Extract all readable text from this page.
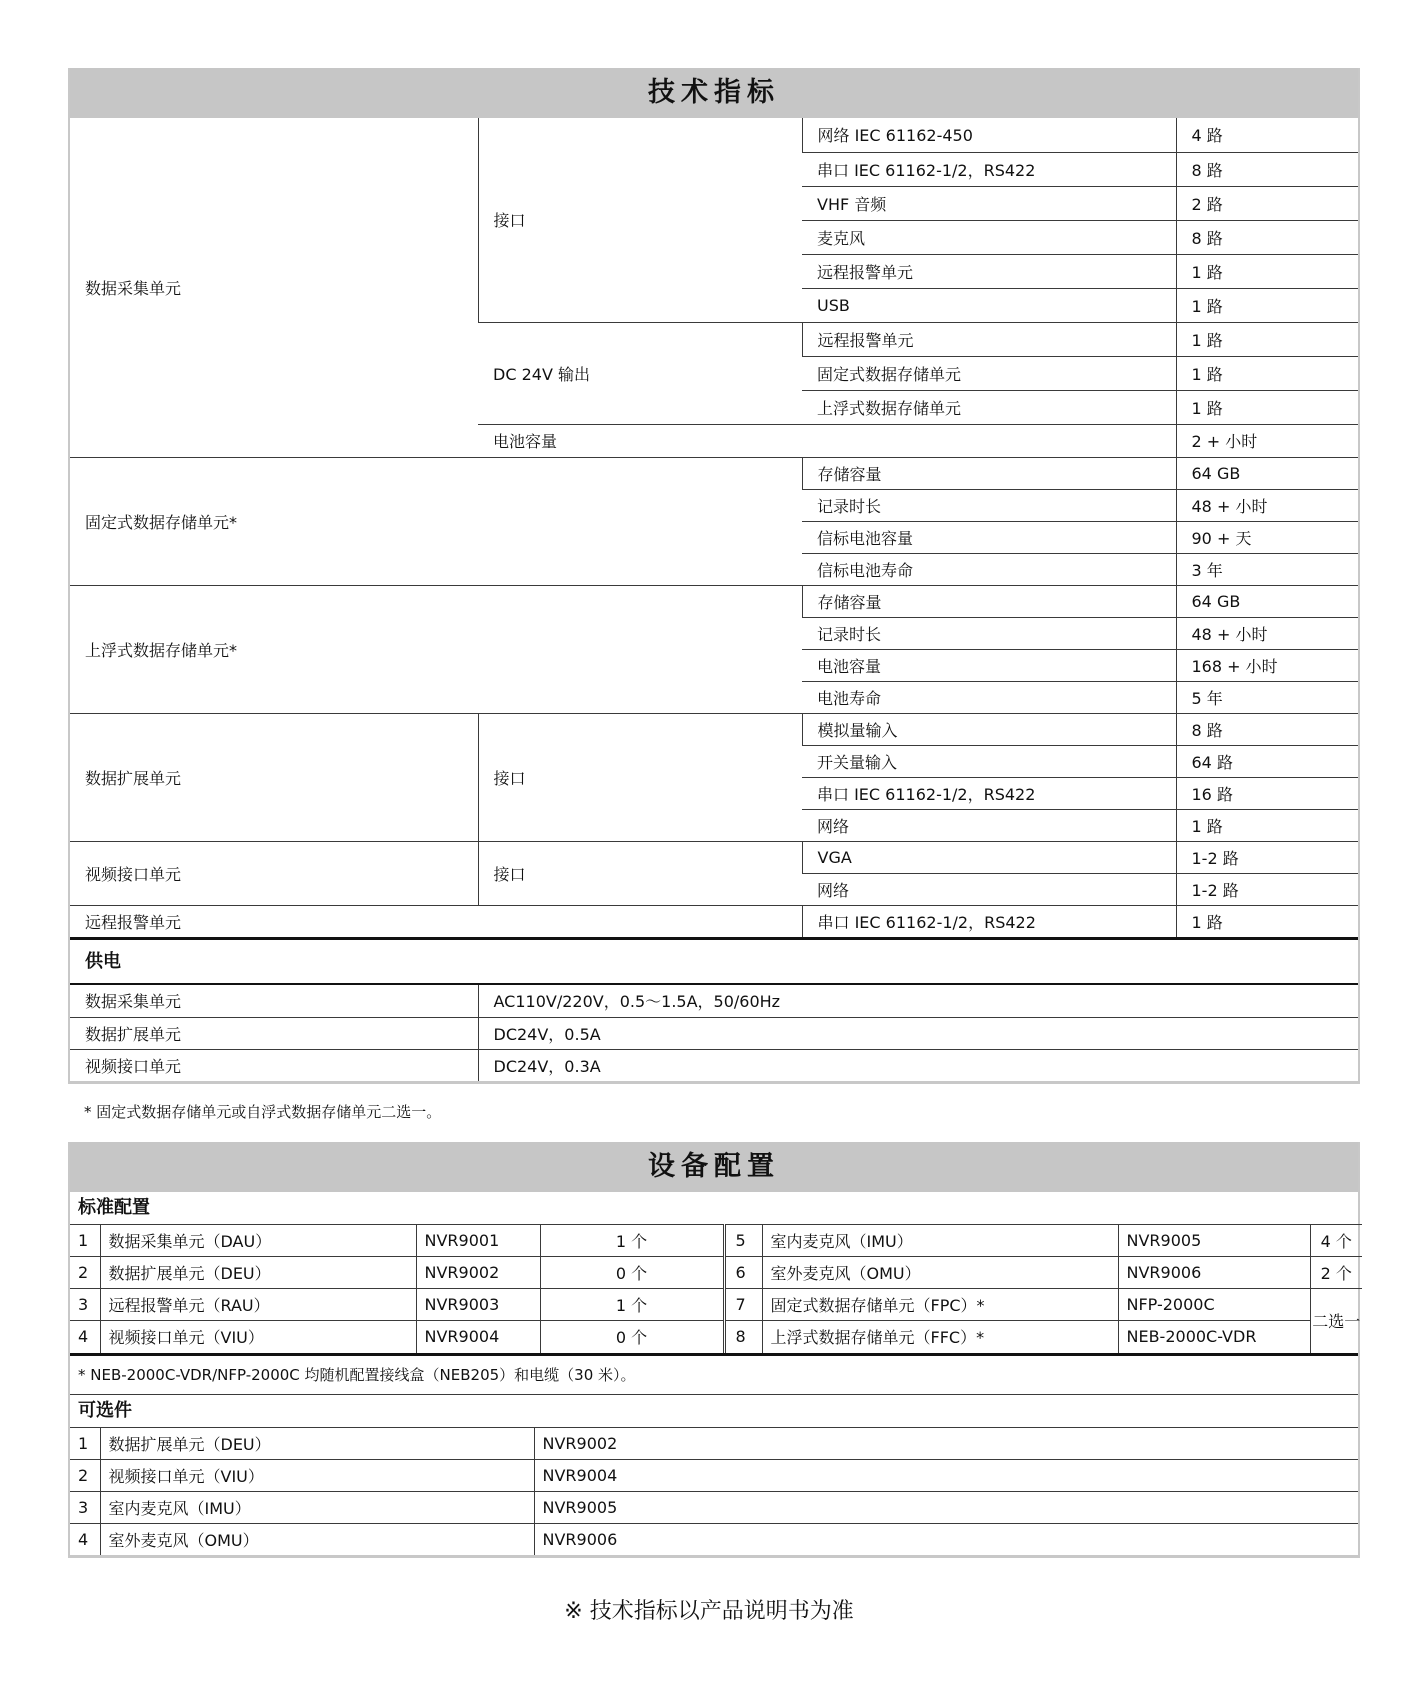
技术指标
数据采集单元	接口	网络 IEC 61162-450	4 路
		串口 IEC 61162-1/2，RS422	8 路
		VHF 音频	2 路
		麦克风	8 路
		远程报警单元	1 路
		USB	1 路
	DC 24V 输出	远程报警单元	1 路
		固定式数据存储单元	1 路
		上浮式数据存储单元	1 路
	电池容量		2 + 小时
固定式数据存储单元*		存储容量	64 GB
		记录时长	48 + 小时
		信标电池容量	90 + 天
		信标电池寿命	3 年
上浮式数据存储单元*		存储容量	64 GB
		记录时长	48 + 小时
		电池容量	168 + 小时
		电池寿命	5 年
数据扩展单元	接口	模拟量输入	8 路
		开关量输入	64 路
		串口 IEC 61162-1/2，RS422	16 路
		网络	1 路
视频接口单元	接口	VGA	1-2 路
		网络	1-2 路
远程报警单元		串口 IEC 61162-1/2，RS422	1 路
供电
数据采集单元	AC110V/220V，0.5～1.5A，50/60Hz
数据扩展单元	DC24V，0.5A
视频接口单元	DC24V，0.3A
* 固定式数据存储单元或自浮式数据存储单元二选一。
设备配置
标准配置
1	数据采集单元（DAU）	NVR9001	1 个	5	室内麦克风（IMU）	NVR9005	4 个
2	数据扩展单元（DEU）	NVR9002	0 个	6	室外麦克风（OMU）	NVR9006	2 个
3	远程报警单元（RAU）	NVR9003	1 个	7	固定式数据存储单元（FPC）*	NFP-2000C	二选一
4	视频接口单元（VIU）	NVR9004	0 个	8	上浮式数据存储单元（FFC）*	NEB-2000C-VDR	
* NEB-2000C-VDR/NFP-2000C 均随机配置接线盒（NEB205）和电缆（30 米）。
可选件
1	数据扩展单元（DEU）	NVR9002
2	视频接口单元（VIU）	NVR9004
3	室内麦克风（IMU）	NVR9005
4	室外麦克风（OMU）	NVR9006
※ 技术指标以产品说明书为准
